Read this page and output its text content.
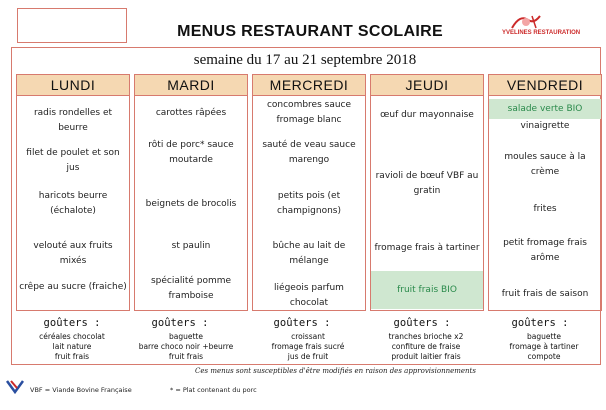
MENUS RESTAURANT SCOLAIRE	YVELINES RESTAURATION
semaine du 17 au 21 septembre 2018
LUNDI
radis rondelles et beurre
filet de poulet et son jus
haricots beurre (échalote)
velouté aux fruits mixés
crêpe au sucre (fraiche)
MARDI
carottes râpées
rôti de porc* sauce moutarde
beignets de brocolis
st paulin
spécialité pomme framboise
MERCREDI
concombres sauce fromage blanc
sauté de veau sauce marengo
petits pois (et champignons)
bûche au lait de mélange
liégeois parfum chocolat
JEUDI
œuf dur mayonnaise
ravioli de bœuf VBF au gratin
fromage frais à tartiner
fruit frais BIO
VENDREDI
salade verte BIO
vinaigrette
moules sauce à la crème
frites
petit fromage frais arôme
fruit frais de saison
goûters :
céréales chocolat
lait nature
fruit frais
goûters :
baguette
barre choco noir +beurre
fruit frais
goûters :
croissant
fromage frais sucré
jus de fruit
goûters :
tranches brioche x2
confiture de fraise
produit laitier frais
goûters :
baguette
fromage à tartiner
compote
Ces menus sont susceptibles d'être modifiés en raison des approvisionnements
VBF = Viande Bovine Française	* = Plat contenant du porc
